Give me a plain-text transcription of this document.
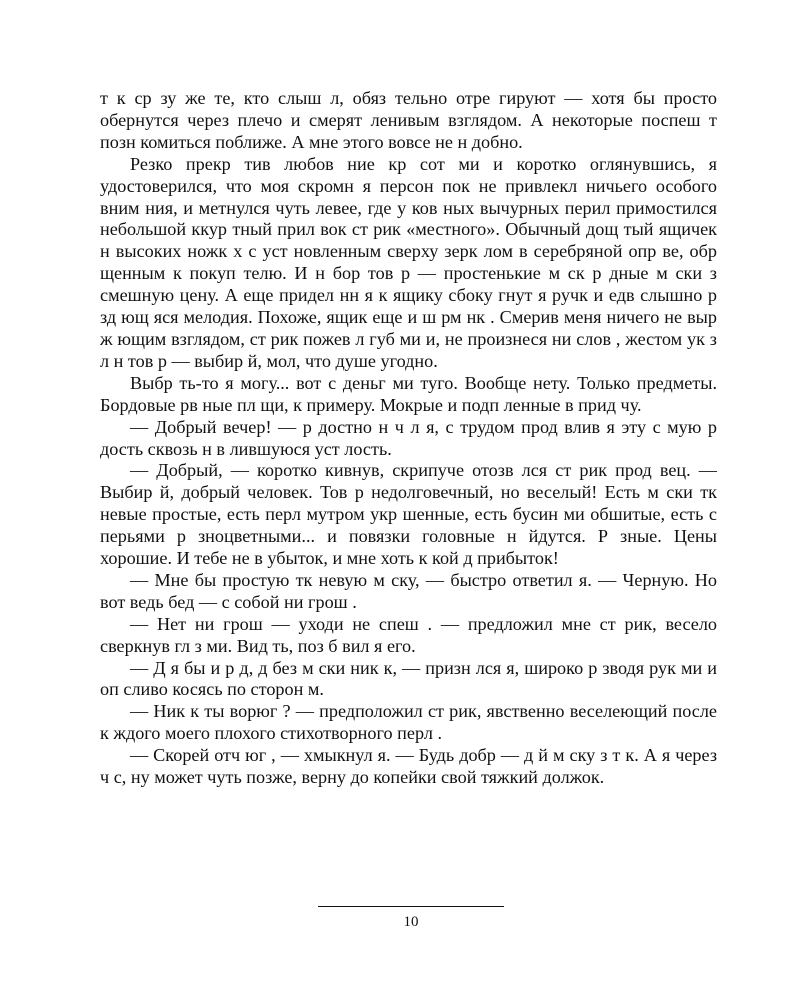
т к ср зу же те, кто слыш л, обяз тельно отре гируют — хотя бы просто обернутся через плечо и смерят ленивым взглядом. А некоторые поспеш т позн комиться поближе. А мне этого вовсе не н добно.

Резко прекр тив любов ние кр сот ми и коротко оглянувшись, я удостоверился, что моя скромн я персон пок не привлекл ничьего особого вним ния, и метнулся чуть левее, где у ков ных вычурных перил примостился небольшой ккур тный прил вок ст рик «местного». Обычный дощ тый ящичек н высоких ножк х с уст новленным сверху зерк лом в серебряной опр ве, обр щенным к покуп телю. И н бор тов р — простенькие м ск р дные м ски з смешную цену. А еще придел нн я к ящику сбоку гнут я ручк и едв слышно р зд ющ яся мелодия. Похоже, ящик еще и ш рм нк . Смерив меня ничего не выр ж ющим взглядом, ст рик пожев л губ ми и, не произнеся ни слов , жестом ук з л н тов р — выбир й, мол, что душе угодно.

Выбр ть-то я могу... вот с деньг ми туго. Вообще нету. Только предметы. Бордовые рв ные пл щи, к примеру. Мокрые и подп ленные в прид чу.

— Добрый вечер! — р достно н ч л я, с трудом прод влив я эту с мую р дость сквозь н в лившуюся уст лость.

— Добрый, — коротко кивнув, скрипуче отозв лся ст рик прод вец. — Выбир й, добрый человек. Тов р недолговечный, но веселый! Есть м ски тк невые простые, есть перл мутром укр шенные, есть бусин ми обшитые, есть с перьями р зноцветными... и повязки головные н йдутся. Р зные. Цены хорошие. И тебе не в убыток, и мне хоть к кой д прибыток!

— Мне бы простую тк невую м ску, — быстро ответил я. — Черную. Но вот ведь бед — с собой ни грош .

— Нет ни грош — уходи не спеш . — предложил мне ст рик, весело сверкнув гл з ми. Вид ть, поз б вил я его.

— Д я бы и р д, д без м ски ник к, — призн лся я, широко р зводя рук ми и оп сливо косясь по сторон м.

— Ник к ты ворюг ? — предположил ст рик, явственно веселеющий после к ждого моего плохого стихотворного перл .

— Скорей отч юг , — хмыкнул я. — Будь добр — д й м ску з т к. А я через ч с, ну может чуть позже, верну до копейки свой тяжкий должок.

10
